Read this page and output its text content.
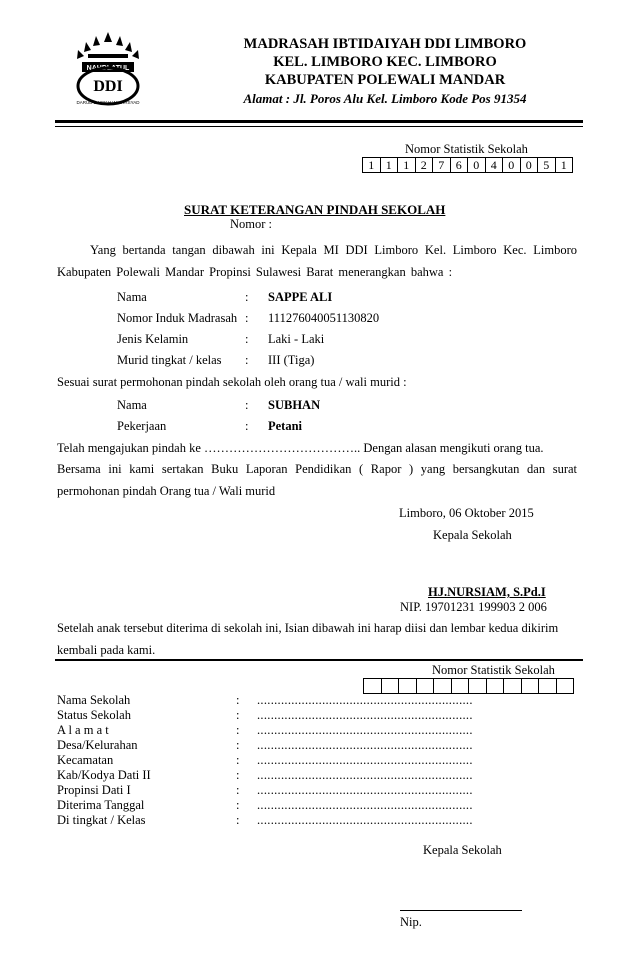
NAHDLATUL
DDI
DARUD DA'WAH WAL IRSYAD
MADRASAH IBTIDAIYAH DDI LIMBORO
KEL. LIMBORO KEC. LIMBORO
KABUPATEN POLEWALI MANDAR
Alamat : Jl. Poros Alu Kel. Limboro Kode Pos 91354
Nomor Statistik Sekolah
1 1 1 2 7 6 0 4 0 0 5 1
SURAT KETERANGAN PINDAH SEKOLAH
Nomor :
Yang bertanda tangan dibawah ini Kepala MI DDI Limboro Kel. Limboro Kec. Limboro
Kabupaten Polewali Mandar Propinsi Sulawesi Barat menerangkan bahwa :
Nama	: SAPPE ALI
Nomor Induk Madrasah : 111276040051130820
Jenis Kelamin	: Laki - Laki
Murid tingkat / kelas : III (Tiga)
Sesuai surat permohonan pindah sekolah oleh orang tua / wali murid :
Nama	: SUBHAN
Pekerjaan	: Petani
Telah mengajukan pindah ke ……………………………….. Dengan alasan mengikuti orang tua.
Bersama ini kami sertakan Buku Laporan Pendidikan ( Rapor ) yang bersangkutan dan surat
permohonan pindah Orang tua / Wali murid
Limboro, 06 Oktober 2015
Kepala Sekolah
HJ.NURSIAM, S.Pd.I
NIP. 19701231 199903 2 006
Setelah anak tersebut diterima di sekolah ini, Isian dibawah ini harap diisi dan lembar kedua dikirim
kembali pada kami.
Nomor Statistik Sekolah
Nama Sekolah	: ...............................................................
Status Sekolah	: ...............................................................
A l a m a t	: ...............................................................
Desa/Kelurahan	: ...............................................................
Kecamatan	: ...............................................................
Kab/Kodya Dati II	: ...............................................................
Propinsi Dati I	: ...............................................................
Diterima Tanggal	: ...............................................................
Di tingkat / Kelas	: ...............................................................
Kepala Sekolah
Nip.
